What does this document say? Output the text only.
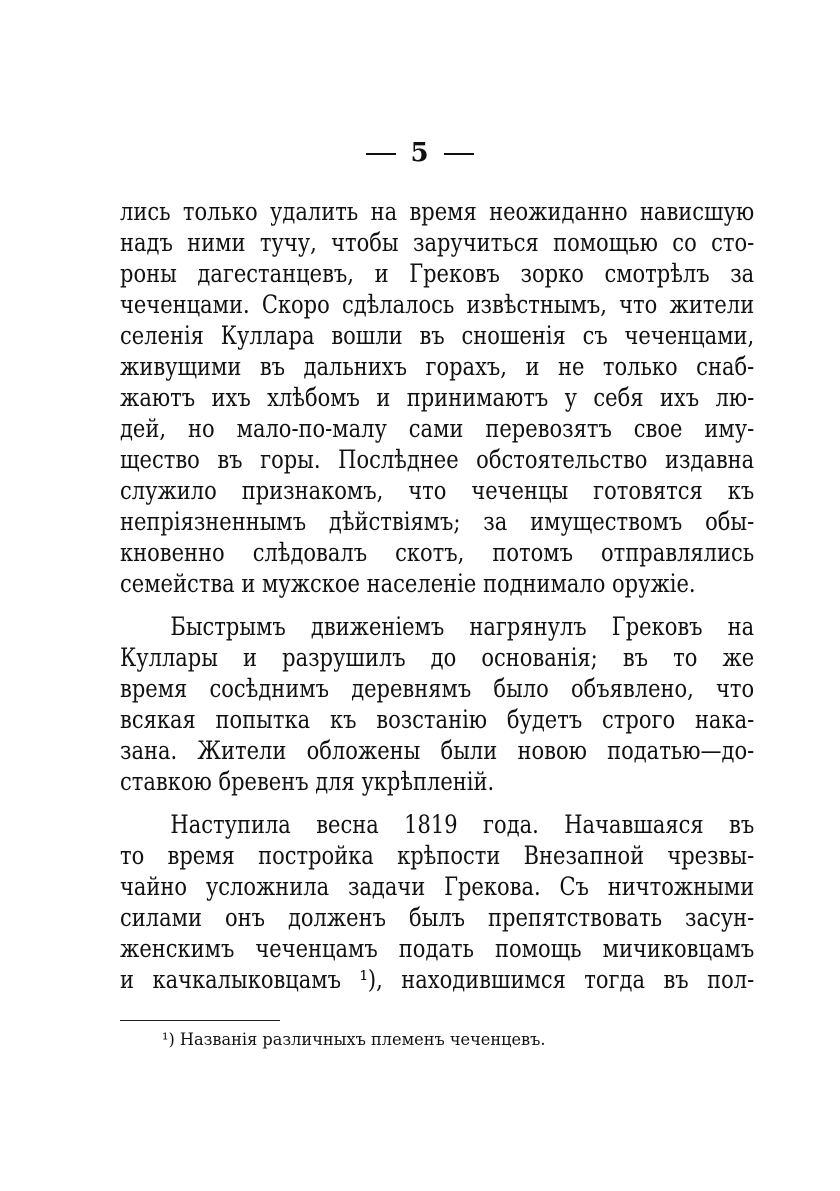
5
лись только удалить на время неожиданно нависшую
надъ ними тучу, чтобы заручиться помощью со сто-
роны дагестанцевъ, и Грековъ зорко смотрѣлъ за
чеченцами. Скоро сдѣлалось извѣстнымъ, что жители
селенія Куллара вошли въ сношенія съ чеченцами,
живущими въ дальнихъ горахъ, и не только снаб-
жаютъ ихъ хлѣбомъ и принимаютъ у себя ихъ лю-
дей, но мало-по-малу сами перевозятъ свое иму-
щество въ горы. Послѣднее обстоятельство издавна
служило признакомъ, что чеченцы готовятся къ
непріязненнымъ дѣйствіямъ; за имуществомъ обы-
кновенно слѣдовалъ скотъ, потомъ отправлялись
семейства и мужское населеніе поднимало оружіе.
Быстрымъ движеніемъ нагрянулъ Грековъ на
Куллары и разрушилъ до основанія; въ то же
время сосѣднимъ деревнямъ было объявлено, что
всякая попытка къ возстанію будетъ строго нака-
зана. Жители обложены были новою податью—до-
ставкою бревенъ для укрѣпленій.
Наступила весна 1819 года. Начавшаяся въ
то время постройка крѣпости Внезапной чрезвы-
чайно усложнила задачи Грекова. Съ ничтожными
силами онъ долженъ былъ препятствовать засун-
женскимъ чеченцамъ подать помощь мичиковцамъ
и качкалыковцамъ ¹), находившимся тогда въ пол-
¹) Названія различныхъ племенъ чеченцевъ.
